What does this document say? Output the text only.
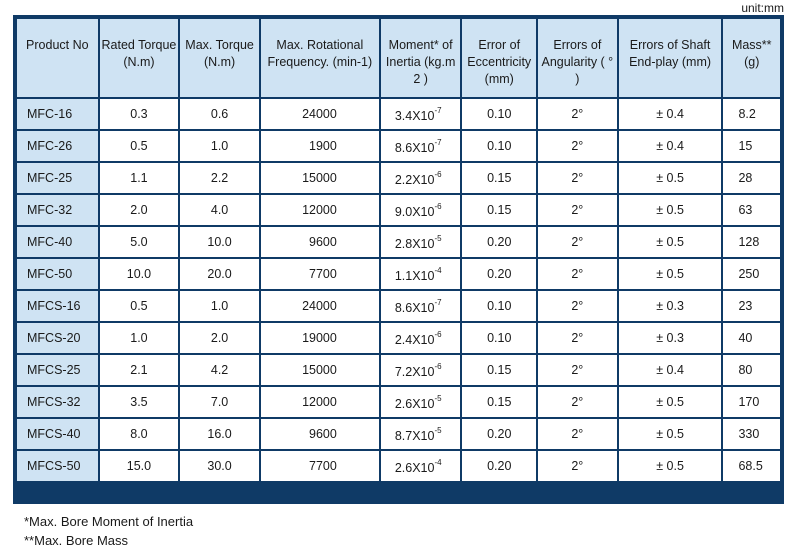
unit:mm
Product No	Rated Torque (N.m)	Max. Torque (N.m)	Max. Rotational Frequency. (min-1)	Moment* of Inertia (kg.m 2 )	Error of Eccentricity (mm)	Errors of Angularity ( ° )	Errors of Shaft End-play (mm)	Mass** (g)
MFC-16	0.3	0.6	24000	$3.4X10^{-7}$	0.10	2°	± 0.4	8.2
MFC-26	0.5	1.0	1900	$8.6X10^{-7}$	0.10	2°	± 0.4	15
MFC-25	1.1	2.2	15000	$2.2X10^{-6}$	0.15	2°	± 0.5	28
MFC-32	2.0	4.0	12000	$9.0X10^{-6}$	0.15	2°	± 0.5	63
MFC-40	5.0	10.0	9600	$2.8X10^{-5}$	0.20	2°	± 0.5	128
MFC-50	10.0	20.0	7700	$1.1X10^{-4}$	0.20	2°	± 0.5	250
MFCS-16	0.5	1.0	24000	$8.6X10^{-7}$	0.10	2°	± 0.3	23
MFCS-20	1.0	2.0	19000	$2.4X10^{-6}$	0.10	2°	± 0.3	40
MFCS-25	2.1	4.2	15000	$7.2X10^{-6}$	0.15	2°	± 0.4	80
MFCS-32	3.5	7.0	12000	$2.6X10^{-5}$	0.15	2°	± 0.5	170
MFCS-40	8.0	16.0	9600	$8.7X10^{-5}$	0.20	2°	± 0.5	330
MFCS-50	15.0	30.0	7700	$2.6X10^{-4}$	0.20	2°	± 0.5	68.5
*Max. Bore Moment of Inertia
**Max. Bore Mass
